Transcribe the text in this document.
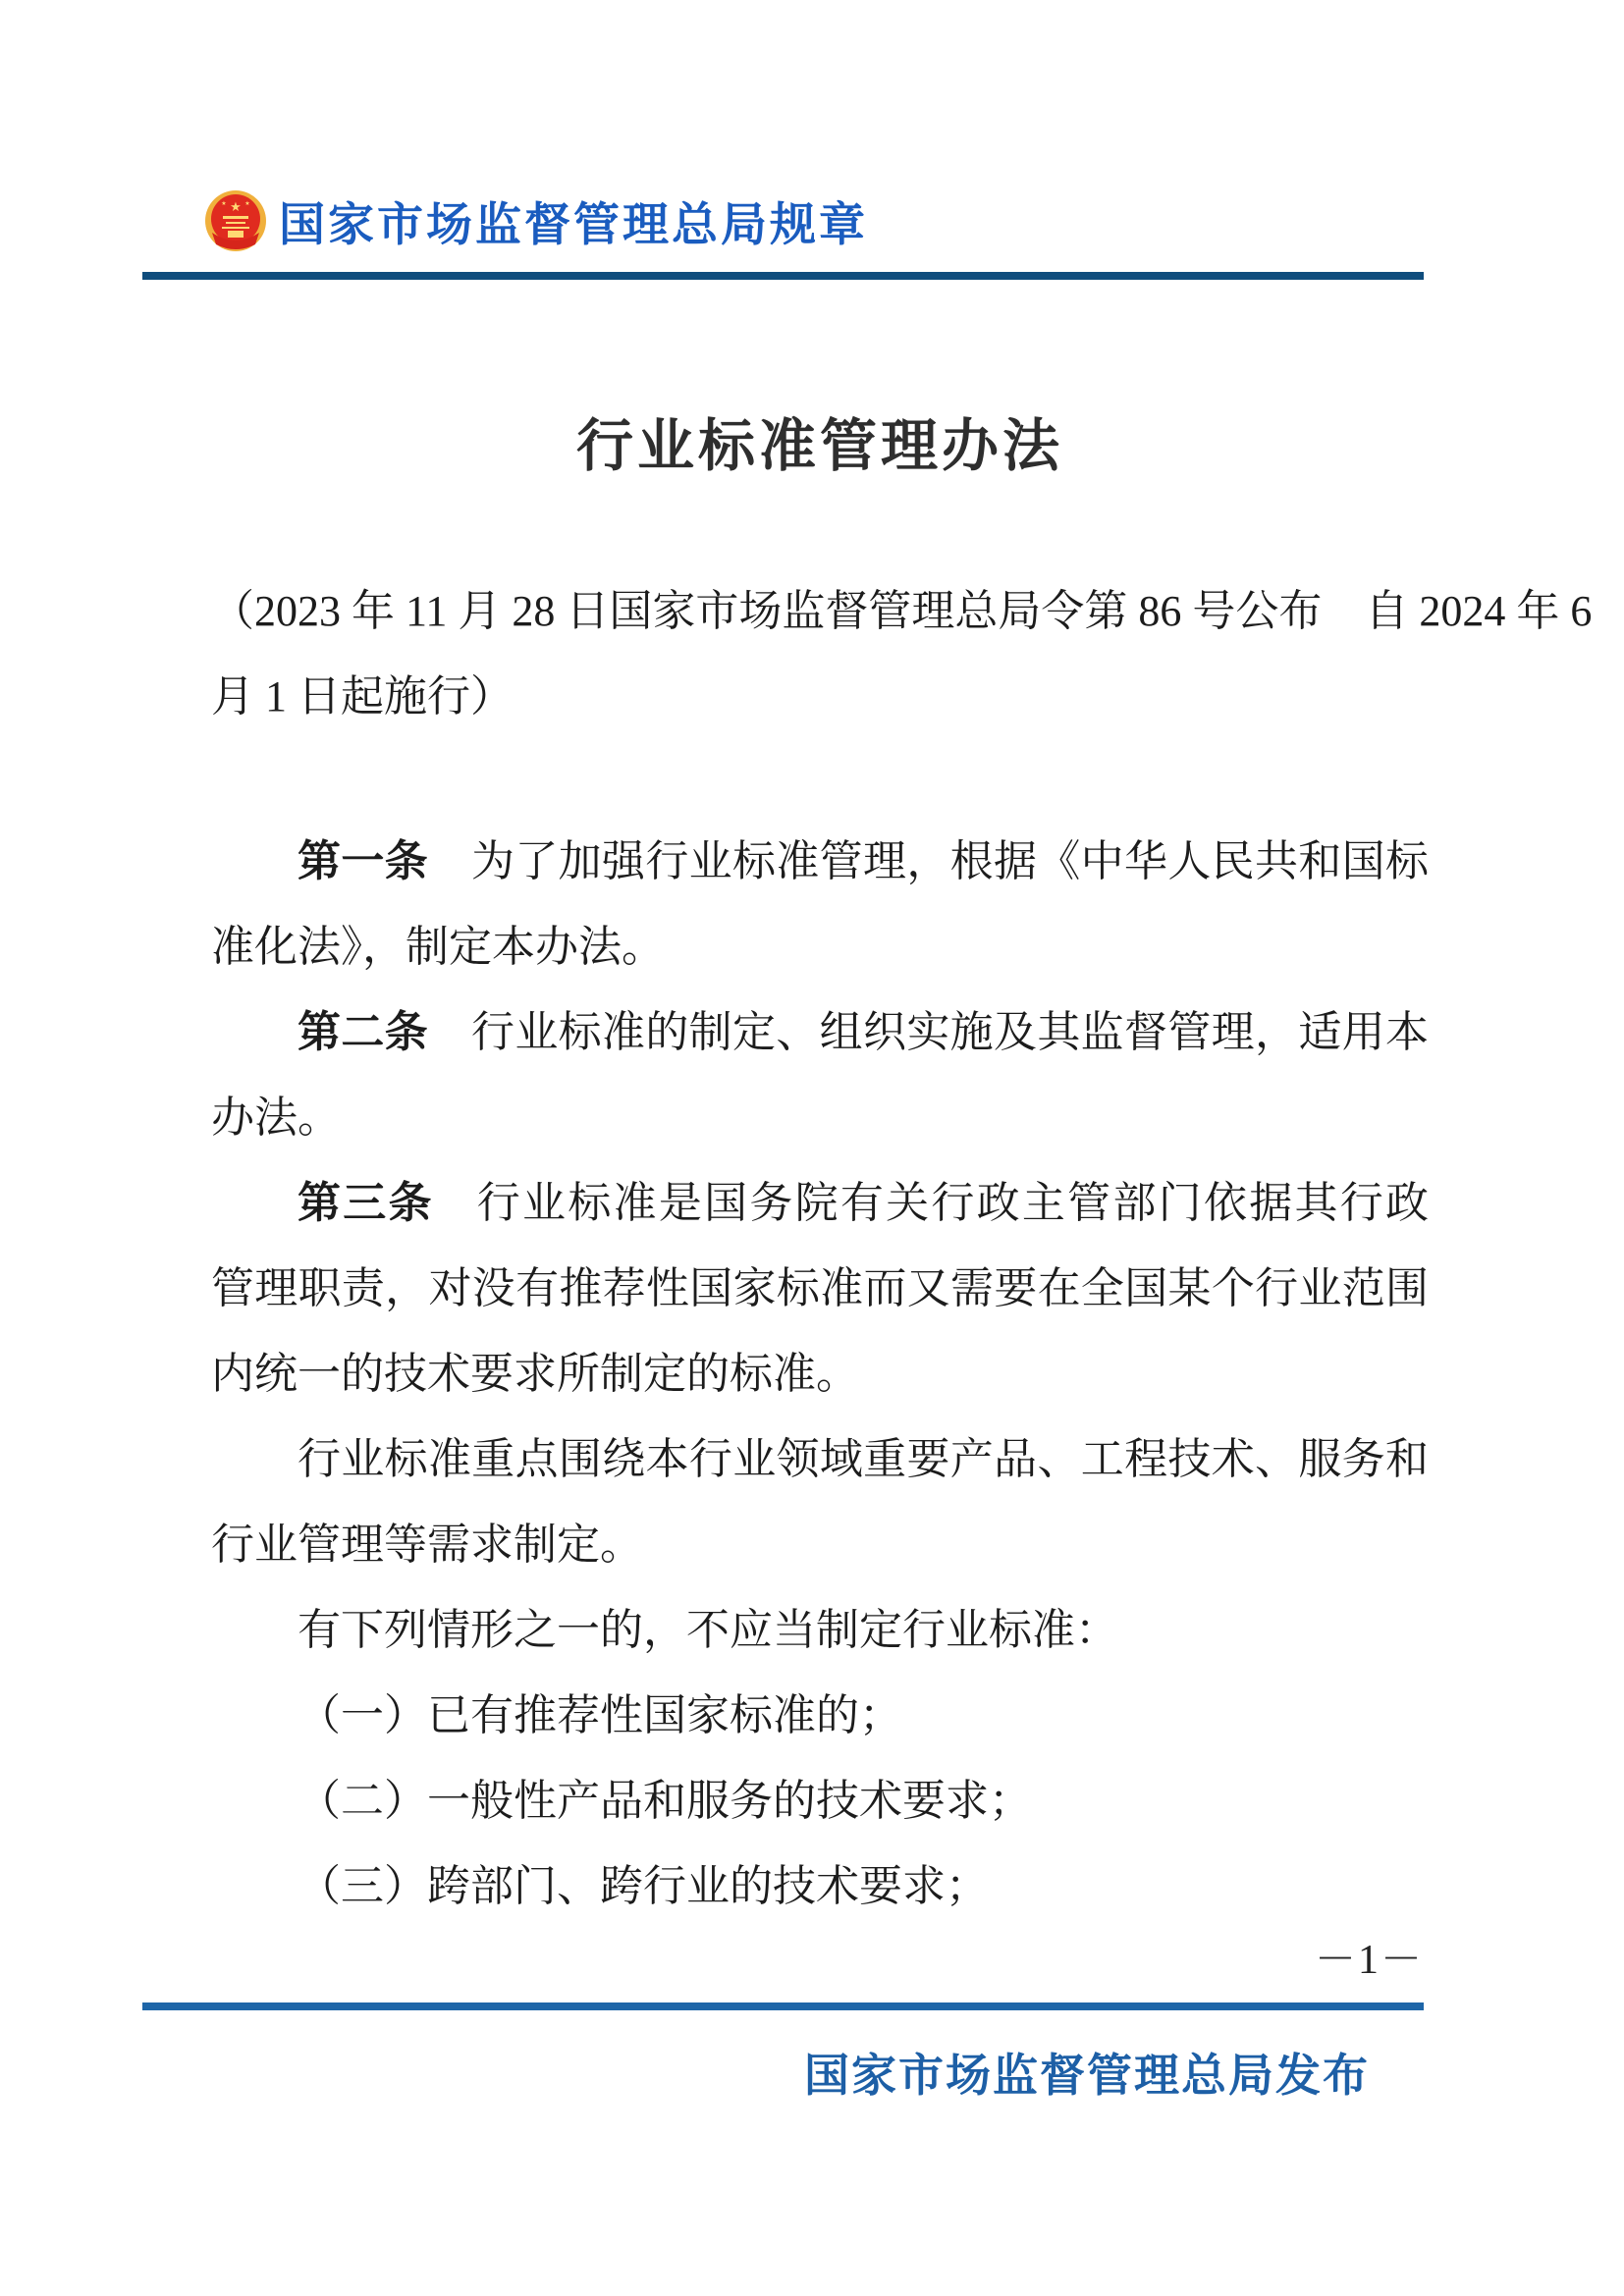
★
★	★ 国家市场监督管理总局规章
行业标准管理办法
（2023 年 11 月 28 日国家市场监督管理总局令第 86 号公布　自 2024 年 6
月 1 日起施行）
第一条 为了加强行业标准管理，根据《中华人民共和国标
准化法》，制定本办法。
第二条 行业标准的制定、组织实施及其监督管理，适用本
办法。
第三条 行业标准是国务院有关行政主管部门依据其行政
管理职责，对没有推荐性国家标准而又需要在全国某个行业范围
内统一的技术要求所制定的标准。
行业标准重点围绕本行业领域重要产品、工程技术、服务和
行业管理等需求制定。
有下列情形之一的，不应当制定行业标准：
（一）已有推荐性国家标准的；
（二）一般性产品和服务的技术要求；
（三）跨部门、跨行业的技术要求；
－1－
国家市场监督管理总局发布
